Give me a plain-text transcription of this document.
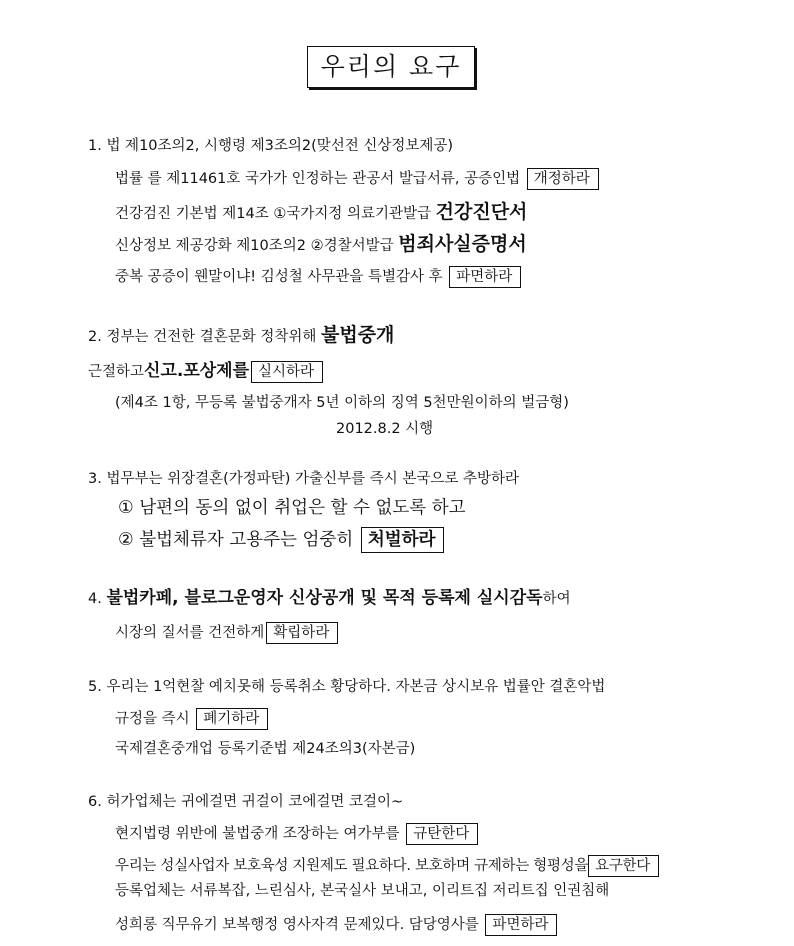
우리의 요구
1. 법 제10조의2, 시행령 제3조의2(맞선전 신상정보제공)
법률 를 제11461호 국가가 인정하는 관공서 발급서류, 공증인법 개정하라
건강검진 기본법 제14조 ①국가지정 의료기관발급 건강진단서
신상정보 제공강화 제10조의2 ②경찰서발급 범죄사실증명서
중복 공증이 웬말이냐! 김성철 사무관을 특별감사 후 파면하라
2. 정부는 건전한 결혼문화 정착위해 불법중개
근절하고신고.포상제를 실시하라
(제4조 1항, 무등록 불법중개자 5년 이하의 징역 5천만원이하의 벌금형)
2012.8.2 시행
3. 법무부는 위장결혼(가정파탄) 가출신부를 즉시 본국으로 추방하라
① 남편의 동의 없이 취업은 할 수 없도록 하고
② 불법체류자 고용주는 엄중히 처벌하라
4. 불법카페, 블로그운영자 신상공개 및 목적 등록제 실시감독하여
시장의 질서를 건전하게 확립하라
5. 우리는 1억현찰 예치못해 등록취소 황당하다. 자본금 상시보유 법률안 결혼악법
규정을 즉시 폐기하라
국제결혼중개업 등록기준법 제24조의3(자본금)
6. 허가업체는 귀에걸면 귀걸이 코에걸면 코걸이~
현지법령 위반에 불법중개 조장하는 여가부를 규탄한다
우리는 성실사업자 보호육성 지원제도 필요하다. 보호하며 규제하는 형평성을 요구한다
등록업체는 서류복잡, 느린심사, 본국실사 보내고, 이리트집 저리트집 인권침해
성희롱 직무유기 보복행정 영사자격 문제있다. 담당영사를 파면하라
